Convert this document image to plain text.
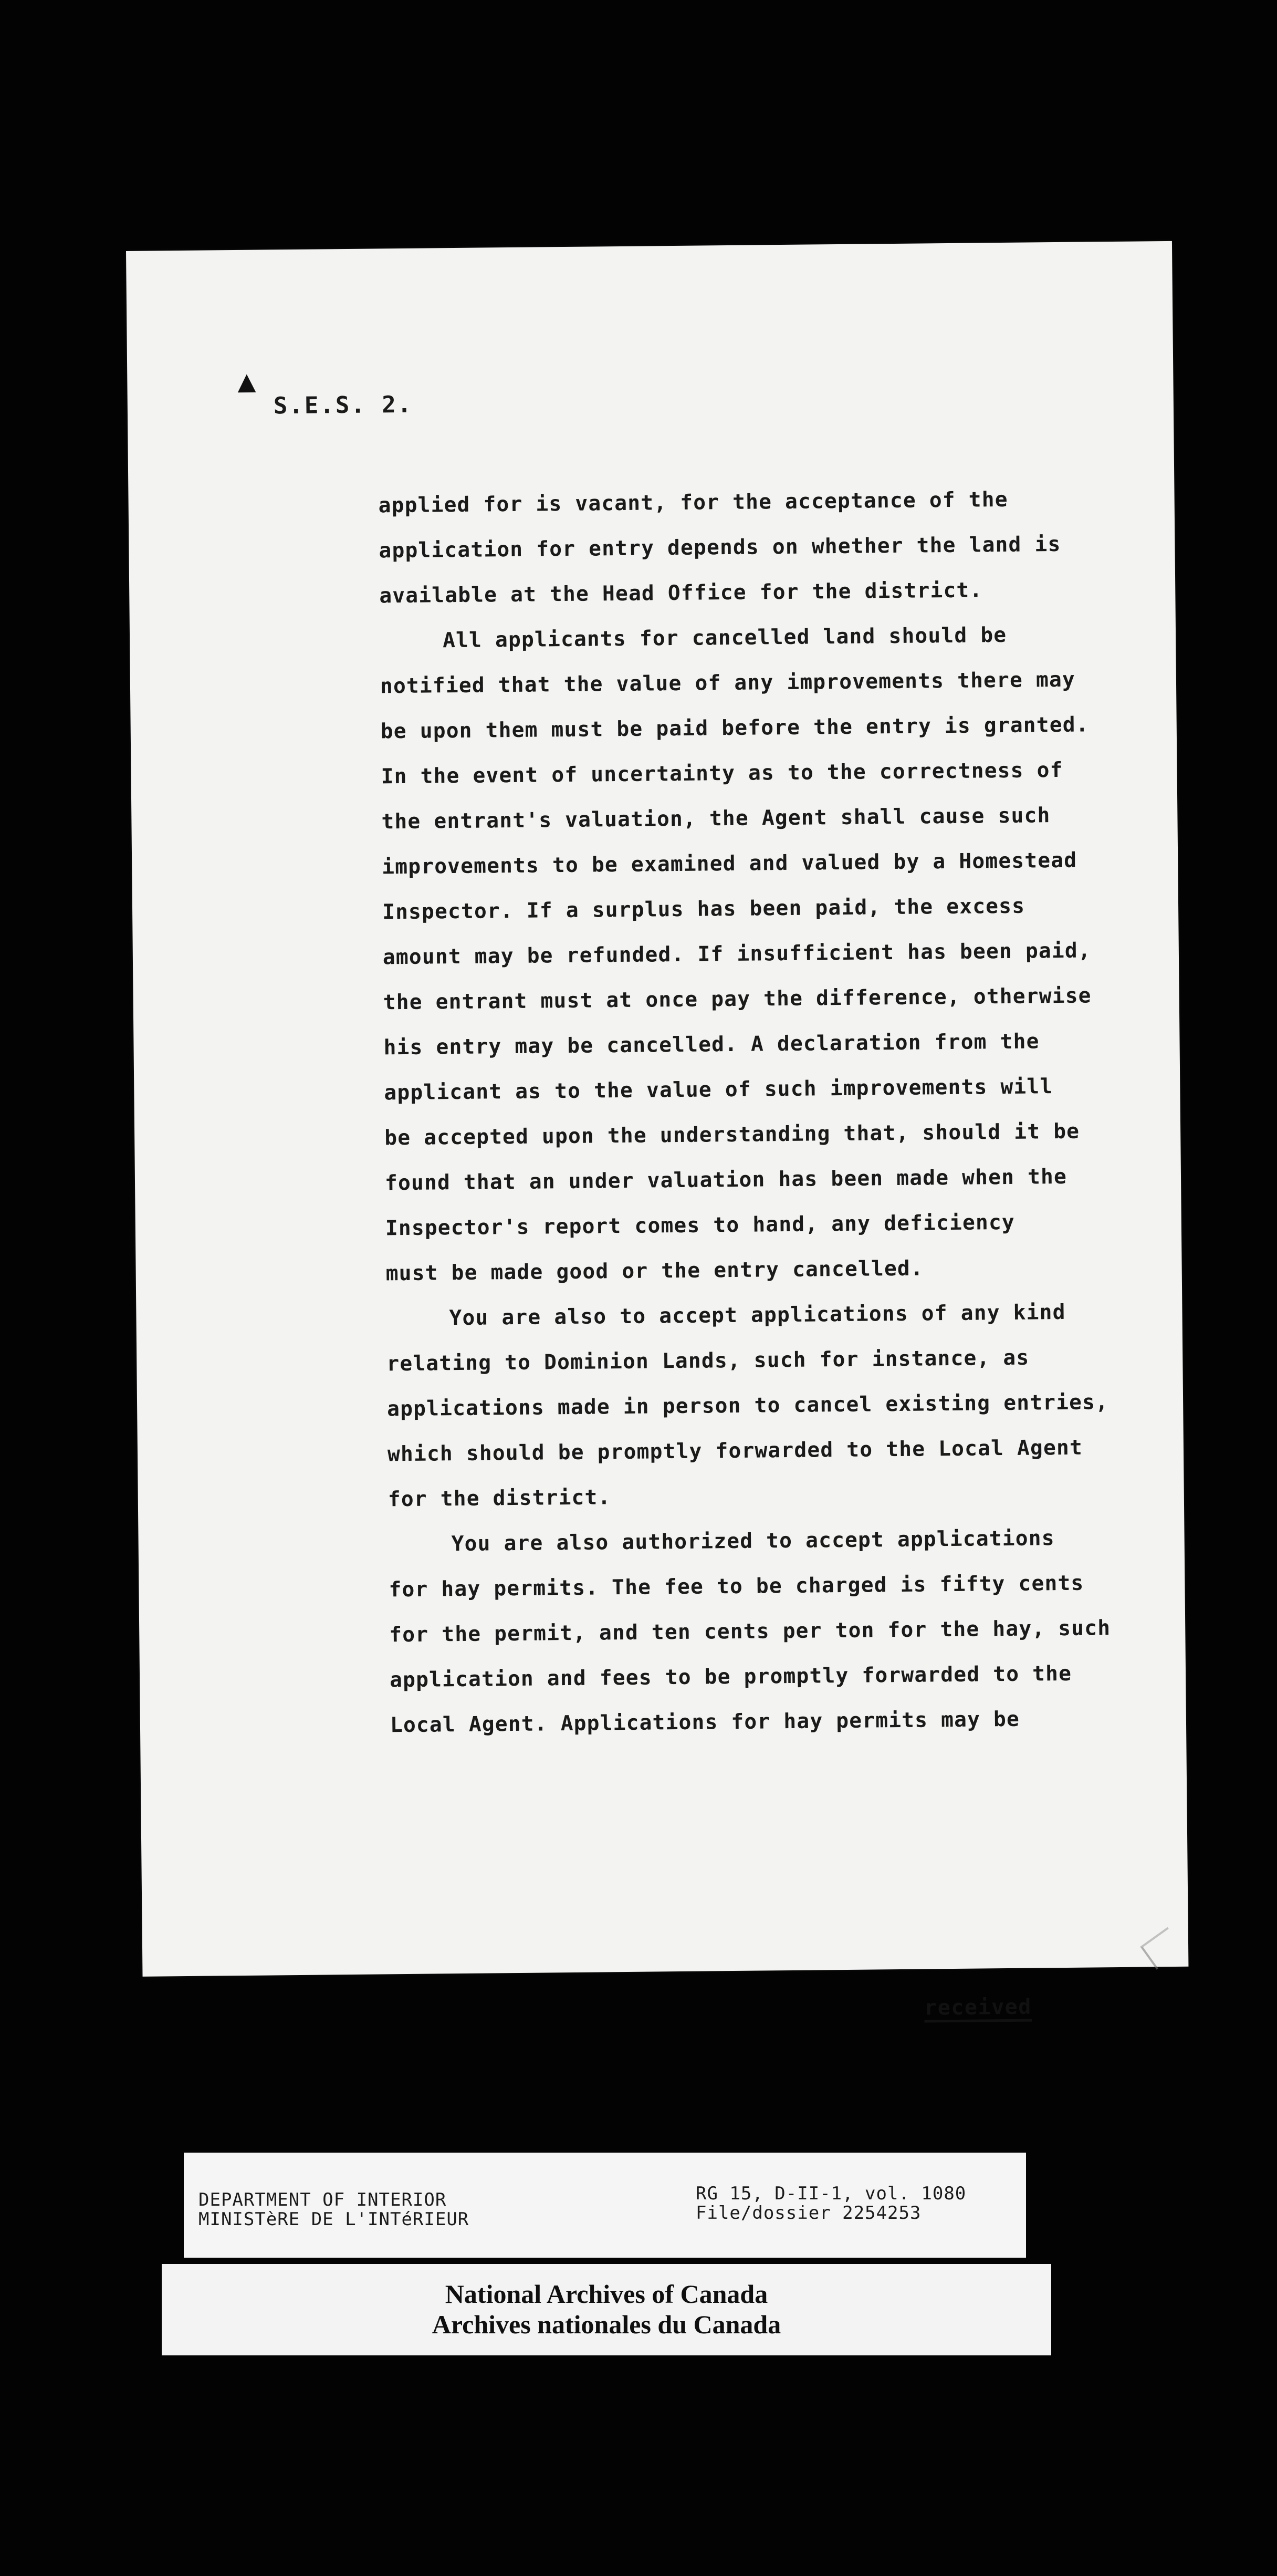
▲
S.E.S. 2.
applied for is vacant, for the acceptance of the
application for entry depends on whether the land is
available at the Head Office for the district.
All applicants for cancelled land should be
notified that the value of any improvements there may
be upon them must be paid before the entry is granted.
In the event of uncertainty as to the correctness of
the entrant's valuation, the Agent shall cause such
improvements to be examined and valued by a Homestead
Inspector. If a surplus has been paid, the excess
amount may be refunded. If insufficient has been paid,
the entrant must at once pay the difference, otherwise
his entry may be cancelled. A declaration from the
applicant as to the value of such improvements will
be accepted upon the understanding that, should it be
found that an under valuation has been made when the
Inspector's report comes to hand, any deficiency
must be made good or the entry cancelled.
You are also to accept applications of any kind
relating to Dominion Lands, such for instance, as
applications made in person to cancel existing entries,
which should be promptly forwarded to the Local Agent
for the district.
You are also authorized to accept applications
for hay permits. The fee to be charged is fifty cents
for the permit, and ten cents per ton for the hay, such
application and fees to be promptly forwarded to the
Local Agent. Applications for hay permits may be
received
DEPARTMENT OF INTERIOR
MINISTèRE DE L'INTéRIEUR
RG 15, D-II-1, vol. 1080
File/dossier 2254253
National Archives of Canada
Archives nationales du Canada
